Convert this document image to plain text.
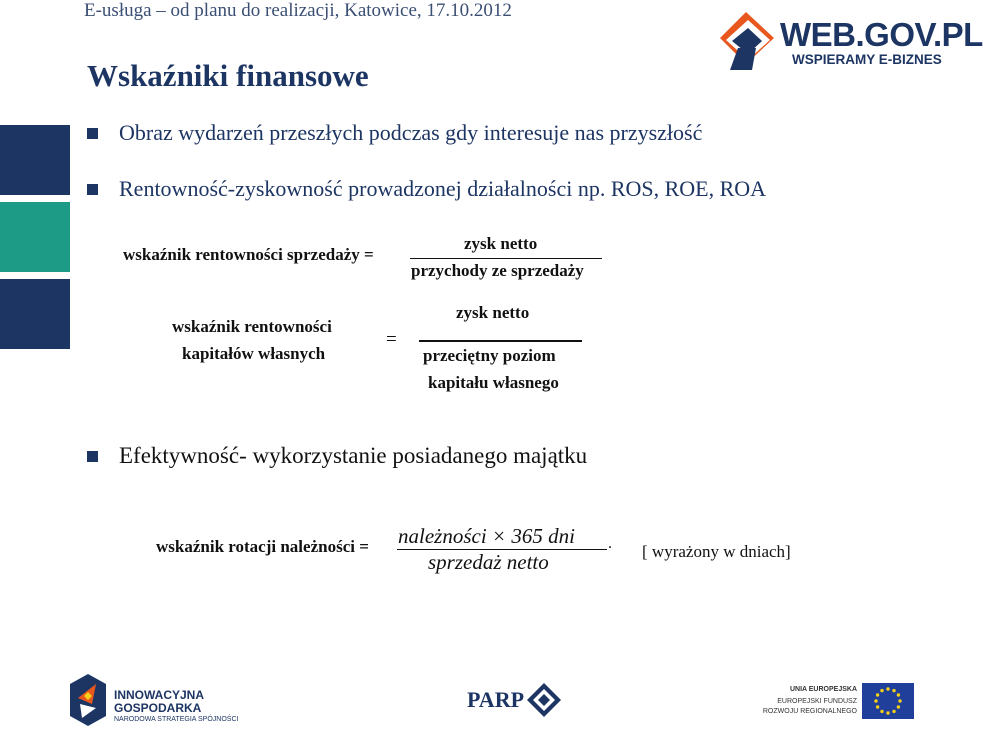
E-usługa – od planu do realizacji, Katowice, 17.10.2012
WEB.GOV.PL
WSPIERAMY E-BIZNES
Wskaźniki finansowe
Obraz wydarzeń przeszłych podczas gdy interesuje nas przyszłość
Rentowność-zyskowność prowadzonej działalności np. ROS, ROE, ROA
wskaźnik rentowności sprzedaży =
zysk netto
przychody ze sprzedaży
wskaźnik rentowności
kapitałów własnych
=
zysk netto
przeciętny poziom
kapitału własnego
Efektywność- wykorzystanie posiadanego majątku
wskaźnik rotacji należności = należności × 365 dni .
sprzedaż netto	[ wyrażony w dniach]
INNOWACYJNA
GOSPODARKA
NARODOWA STRATEGIA SPÓJNOŚCI
PARP	UNIA EUROPEJSKA
EUROPEJSKI FUNDUSZ
ROZWOJU REGIONALNEGO
